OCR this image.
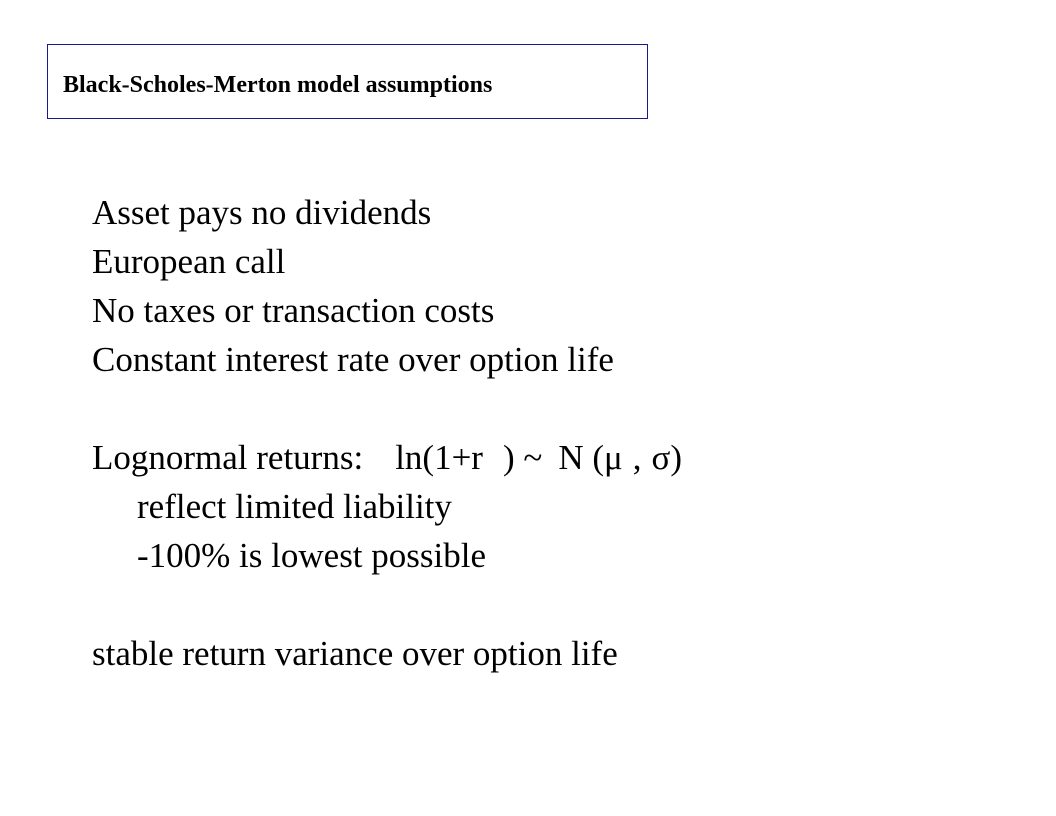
Black-Scholes-Merton model assumptions
Asset pays no dividends
European call
No taxes or transaction costs
Constant interest rate over option life
Lognormal returns: ln(1+r ) ~ N (μ , σ)
reflect limited liability
-100% is lowest possible
stable return variance over option life
